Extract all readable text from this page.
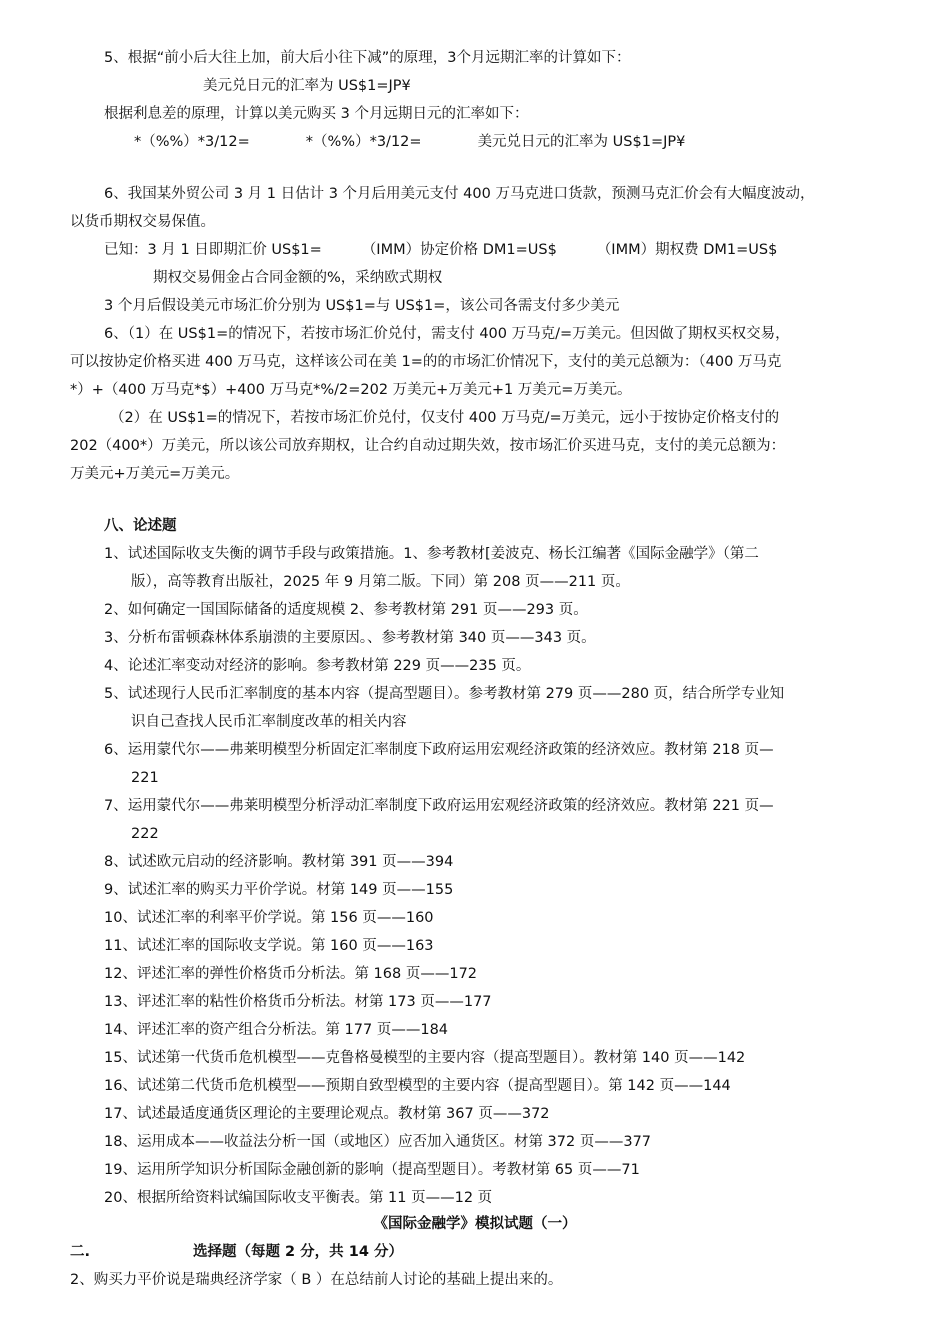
5、根据“前小后大往上加，前大后小往下减”的原理，3个月远期汇率的计算如下：
美元兑日元的汇率为 US$1=JP¥
根据利息差的原理，计算以美元购买 3 个月远期日元的汇率如下：
*（%%）*3/12=	*（%%）*3/12=	美元兑日元的汇率为 US$1=JP¥
6、我国某外贸公司 3 月 1 日估计 3 个月后用美元支付 400 万马克进口货款，预测马克汇价会有大幅度波动，
以货币期权交易保值。
已知：3 月 1 日即期汇价 US$1=	（IMM）协定价格 DM1=US$	（IMM）期权费 DM1=US$
期权交易佣金占合同金额的%，采纳欧式期权
3 个月后假设美元市场汇价分别为 US$1=与 US$1=，该公司各需支付多少美元
6、（1）在 US$1=的情况下，若按市场汇价兑付，需支付 400 万马克/=万美元。但因做了期权买权交易，
可以按协定价格买进 400 万马克，这样该公司在美 1=的的市场汇价情况下，支付的美元总额为：（400 万马克
*）+（400 万马克*$）+400 万马克*%/2=202 万美元+万美元+1 万美元=万美元。
（2）在 US$1=的情况下，若按市场汇价兑付，仅支付 400 万马克/=万美元，远小于按协定价格支付的
202（400*）万美元，所以该公司放弃期权，让合约自动过期失效，按市场汇价买进马克，支付的美元总额为：
万美元+万美元=万美元。
八、论述题
1、试述国际收支失衡的调节手段与政策措施。1、参考教材[姜波克、杨长江编著《国际金融学》（第二
版），高等教育出版社，2025 年 9 月第二版。下同）第 208 页——211 页。
2、如何确定一国国际储备的适度规模 2、参考教材第 291 页——293 页。
3、分析布雷顿森林体系崩溃的主要原因。、参考教材第 340 页——343 页。
4、论述汇率变动对经济的影响。参考教材第 229 页——235 页。
5、试述现行人民币汇率制度的基本内容（提高型题目）。参考教材第 279 页——280 页，结合所学专业知
识自己查找人民币汇率制度改革的相关内容
6、运用蒙代尔——弗莱明模型分析固定汇率制度下政府运用宏观经济政策的经济效应。教材第 218 页—
221
7、运用蒙代尔——弗莱明模型分析浮动汇率制度下政府运用宏观经济政策的经济效应。教材第 221 页—
222
8、试述欧元启动的经济影响。教材第 391 页——394
9、试述汇率的购买力平价学说。材第 149 页——155
10、试述汇率的利率平价学说。第 156 页——160
11、试述汇率的国际收支学说。第 160 页——163
12、评述汇率的弹性价格货币分析法。第 168 页——172
13、评述汇率的粘性价格货币分析法。材第 173 页——177
14、评述汇率的资产组合分析法。第 177 页——184
15、试述第一代货币危机模型——克鲁格曼模型的主要内容（提高型题目）。教材第 140 页——142
16、试述第二代货币危机模型——预期自致型模型的主要内容（提高型题目）。第 142 页——144
17、试述最适度通货区理论的主要理论观点。教材第 367 页——372
18、运用成本——收益法分析一国（或地区）应否加入通货区。材第 372 页——377
19、运用所学知识分析国际金融创新的影响（提高型题目）。考教材第 65 页——71
20、根据所给资料试编国际收支平衡表。第 11 页——12 页
《国际金融学》模拟试题（一）
二.	选择题（每题 2 分，共 14 分）
2、购买力平价说是瑞典经济学家（ B ）在总结前人讨论的基础上提出来的。
